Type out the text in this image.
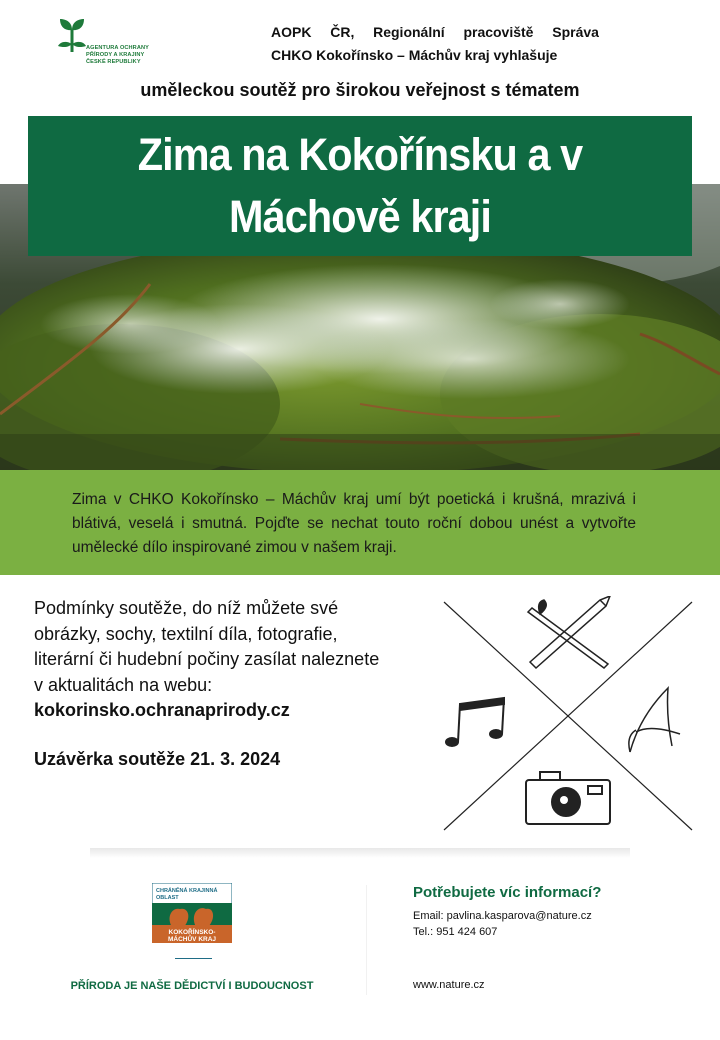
AGENTURA OCHRANY
PŘÍRODY A KRAJINY
ČESKÉ REPUBLIKY
AOPK ČR, Regionální pracoviště Správa
CHKO Kokořínsko – Máchův kraj vyhlašuje
uměleckou soutěž pro širokou veřejnost s tématem
Zima na Kokořínsku a v
Máchově kraji
Zima v CHKO Kokořínsko – Máchův kraj umí být poetická i krušná, mrazivá i blátivá, veselá i smutná. Pojďte se nechat touto roční dobou unést a vytvořte umělecké dílo inspirované zimou v našem kraji.
Podmínky soutěže, do níž můžete své obrázky, sochy, textilní díla, fotografie, literární či hudební počiny zasílat naleznete v aktualitách na webu:
kokorinsko.ochranaprirody.cz
Uzávěrka soutěže 21. 3. 2024
CHRÁNĚNÁ KRAJINNÁ
OBLAST
KOKOŘÍNSKO-
MÁCHŮV KRAJ
PŘÍRODA JE NAŠE DĚDICTVÍ I BUDOUCNOST
Potřebujete víc informací?
Email: pavlina.kasparova@nature.cz
Tel.: 951 424 607
www.nature.cz
